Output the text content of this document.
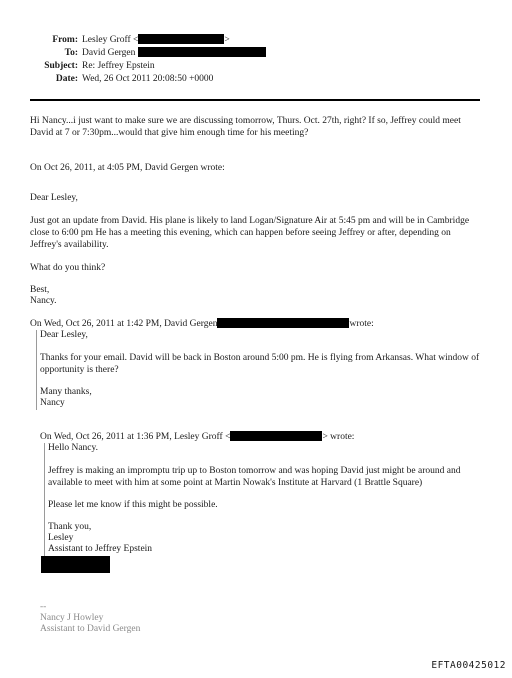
From: Lesley Groff <	>
To: David Gergen
Subject: Re: Jeffrey Epstein
Date: Wed, 26 Oct 2011 20:08:50 +0000
Hi Nancy...i just want to make sure we are discussing tomorrow, Thurs. Oct. 27th, right? If so, Jeffrey could meet David at 7 or 7:30pm...would that give him enough time for his meeting?
On Oct 26, 2011, at 4:05 PM, David Gergen wrote:
Dear Lesley,
Just got an update from David. His plane is likely to land Logan/Signature Air at 5:45 pm and will be in Cambridge close to 6:00 pm He has a meeting this evening, which can happen before seeing Jeffrey or after, depending on Jeffrey's availability.
What do you think?
Best,
Nancy.
On Wed, Oct 26, 2011 at 1:42 PM, David Gergen	wrote:
Dear Lesley,
Thanks for your email. David will be back in Boston around 5:00 pm. He is flying from Arkansas. What window of opportunity is there?
Many thanks,
Nancy
On Wed, Oct 26, 2011 at 1:36 PM, Lesley Groff <	> wrote:
Hello Nancy.
Jeffrey is making an impromptu trip up to Boston tomorrow and was hoping David just might be around and available to meet with him at some point at Martin Nowak's Institute at Harvard (1 Brattle Square)
Please let me know if this might be possible.
Thank you,
Lesley
Assistant to Jeffrey Epstein
--
Nancy J Howley
Assistant to David Gergen
EFTA00425012
